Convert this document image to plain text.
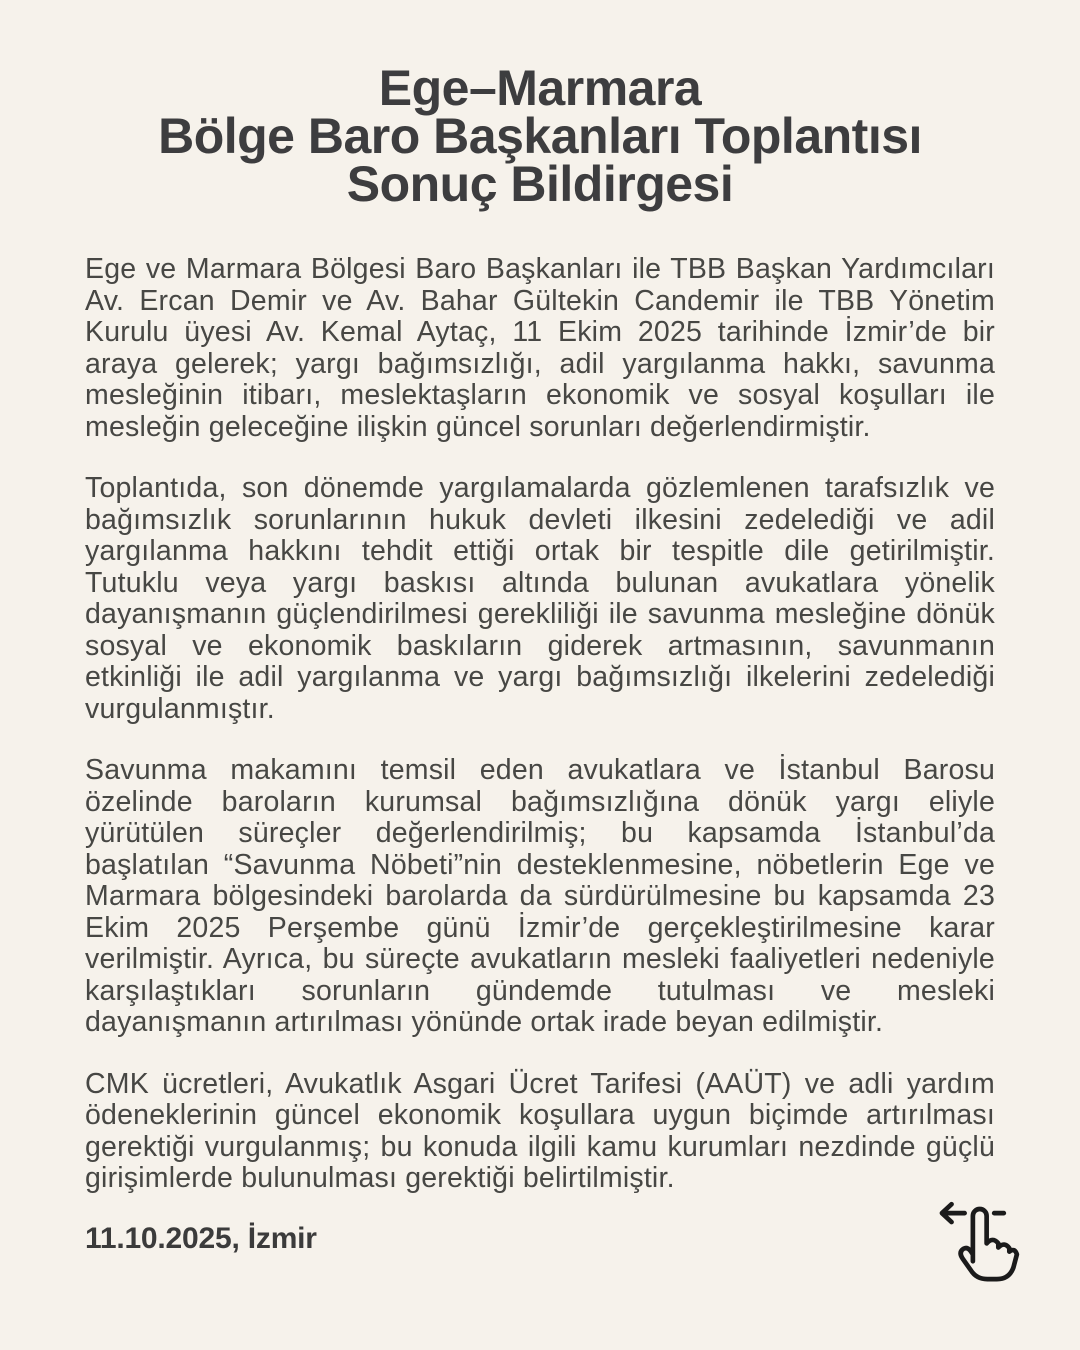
Ege–Marmara
Bölge Baro Başkanları Toplantısı
Sonuç Bildirgesi

Ege ve Marmara Bölgesi Baro Başkanları ile TBB Başkan Yardımcıları Av. Ercan Demir ve Av. Bahar Gültekin Candemir ile TBB Yönetim Kurulu üyesi Av. Kemal Aytaç, 11 Ekim 2025 tarihinde İzmir’de bir araya gelerek; yargı bağımsızlığı, adil yargılanma hakkı, savunma mesleğinin itibarı, meslektaşların ekonomik ve sosyal koşulları ile mesleğin geleceğine ilişkin güncel sorunları değerlendirmiştir.

Toplantıda, son dönemde yargılamalarda gözlemlenen tarafsızlık ve bağımsızlık sorunlarının hukuk devleti ilkesini zedelediği ve adil yargılanma hakkını tehdit ettiği ortak bir tespitle dile getirilmiştir. Tutuklu veya yargı baskısı altında bulunan avukatlara yönelik dayanışmanın güçlendirilmesi gerekliliği ile savunma mesleğine dönük sosyal ve ekonomik baskıların giderek artmasının, savunmanın etkinliği ile adil yargılanma ve yargı bağımsızlığı ilkelerini zedelediği vurgulanmıştır.

Savunma makamını temsil eden avukatlara ve İstanbul Barosu özelinde baroların kurumsal bağımsızlığına dönük yargı eliyle yürütülen süreçler değerlendirilmiş; bu kapsamda İstanbul’da başlatılan “Savunma Nöbeti”nin desteklenmesine, nöbetlerin Ege ve Marmara bölgesindeki barolarda da sürdürülmesine bu kapsamda 23 Ekim 2025 Perşembe günü İzmir’de gerçekleştirilmesine karar verilmiştir. Ayrıca, bu süreçte avukatların mesleki faaliyetleri nedeniyle karşılaştıkları sorunların gündemde tutulması ve mesleki dayanışmanın artırılması yönünde ortak irade beyan edilmiştir.

CMK ücretleri, Avukatlık Asgari Ücret Tarifesi (AAÜT) ve adli yardım ödeneklerinin güncel ekonomik koşullara uygun biçimde artırılması gerektiği vurgulanmış; bu konuda ilgili kamu kurumları nezdinde güçlü girişimlerde bulunulması gerektiği belirtilmiştir.

11.10.2025, İzmir
